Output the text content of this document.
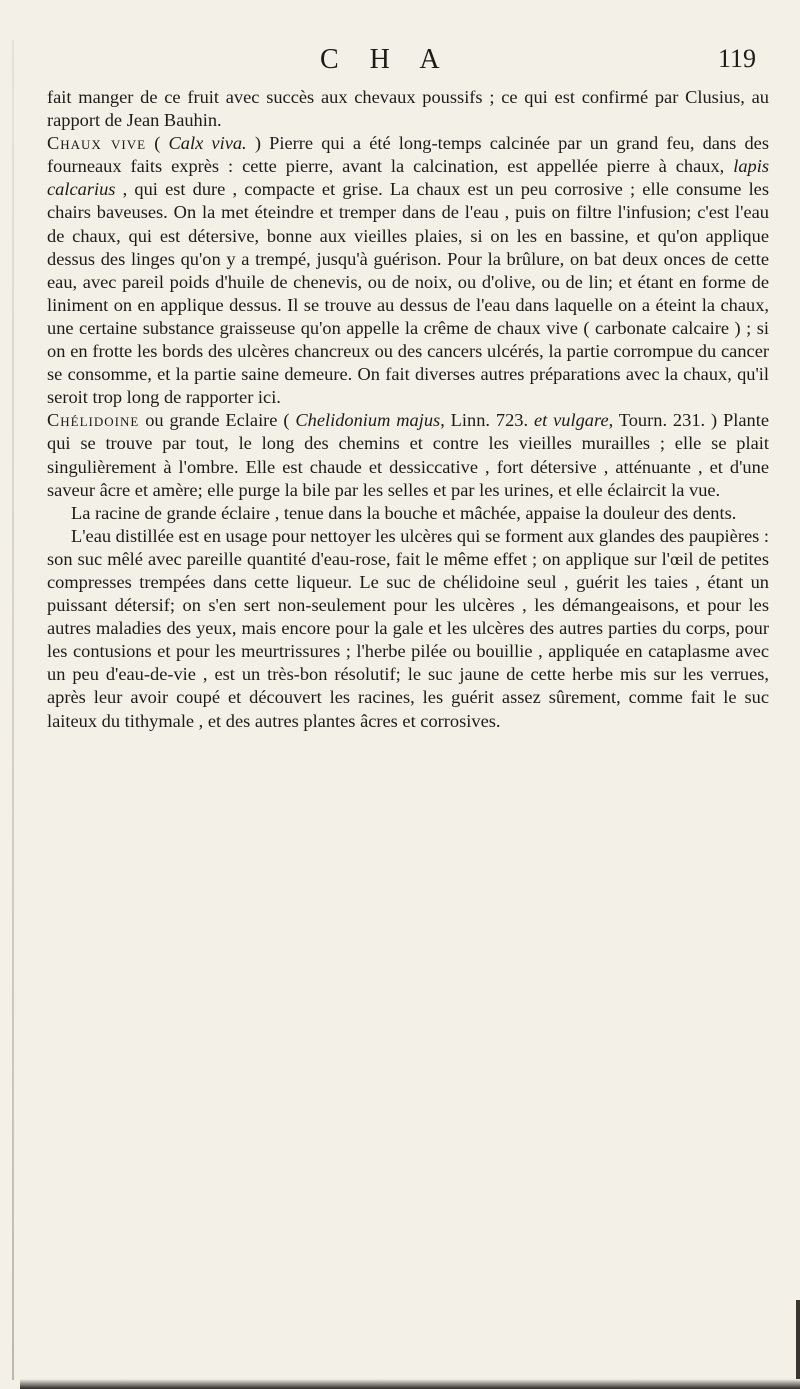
C H A	119

fait manger de ce fruit avec succès aux chevaux poussifs ; ce qui est confirmé par Clusius, au rapport de Jean Bauhin.

Chaux vive ( Calx viva. ) Pierre qui a été long-temps calcinée par un grand feu, dans des fourneaux faits exprès : cette pierre, avant la calcination, est appellée pierre à chaux, lapis calcarius , qui est dure , compacte et grise. La chaux est un peu corrosive ; elle consume les chairs baveuses. On la met éteindre et tremper dans de l'eau , puis on filtre l'infusion; c'est l'eau de chaux, qui est détersive, bonne aux vieilles plaies, si on les en bassine, et qu'on applique dessus des linges qu'on y a trempé, jusqu'à guérison. Pour la brûlure, on bat deux onces de cette eau, avec pareil poids d'huile de chenevis, ou de noix, ou d'olive, ou de lin; et étant en forme de liniment on en applique dessus. Il se trouve au dessus de l'eau dans laquelle on a éteint la chaux, une certaine substance graisseuse qu'on appelle la crême de chaux vive ( carbonate calcaire ) ; si on en frotte les bords des ulcères chancreux ou des cancers ulcérés, la partie corrompue du cancer se consomme, et la partie saine demeure. On fait diverses autres préparations avec la chaux, qu'il seroit trop long de rapporter ici.

Chélidoine ou grande Eclaire ( Chelidonium majus, Linn. 723. et vulgare, Tourn. 231. ) Plante qui se trouve par tout, le long des chemins et contre les vieilles murailles ; elle se plait singulièrement à l'ombre. Elle est chaude et dessiccative , fort détersive , atténuante , et d'une saveur âcre et amère; elle purge la bile par les selles et par les urines, et elle éclaircit la vue.

La racine de grande éclaire , tenue dans la bouche et mâchée, appaise la douleur des dents.

L'eau distillée est en usage pour nettoyer les ulcères qui se forment aux glandes des paupières : son suc mêlé avec pareille quantité d'eau-rose, fait le même effet ; on applique sur l'œil de petites compresses trempées dans cette liqueur. Le suc de chélidoine seul , guérit les taies , étant un puissant détersif; on s'en sert non-seulement pour les ulcères , les démangeaisons, et pour les autres maladies des yeux, mais encore pour la gale et les ulcères des autres parties du corps, pour les contusions et pour les meurtrissures ; l'herbe pilée ou bouillie , appliquée en cataplasme avec un peu d'eau-de-vie , est un très-bon résolutif; le suc jaune de cette herbe mis sur les verrues, après leur avoir coupé et découvert les racines, les guérit assez sûrement, comme fait le suc laiteux du tithymale , et des autres plantes âcres et corrosives.
